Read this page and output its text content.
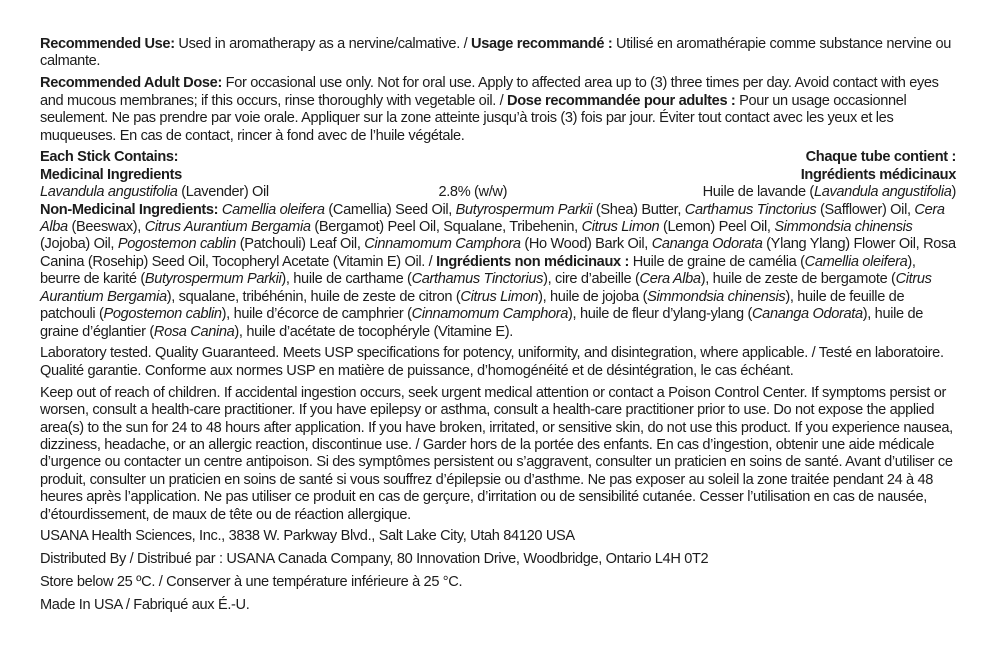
Recommended Use: Used in aromatherapy as a nervine/calmative. / Usage recommandé : Utilisé en aromathérapie comme substance nervine ou calmante.

Recommended Adult Dose: For occasional use only. Not for oral use. Apply to affected area up to (3) three times per day. Avoid contact with eyes and mucous membranes; if this occurs, rinse thoroughly with vegetable oil. / Dose recommandée pour adultes : Pour un usage occasionnel seulement. Ne pas prendre par voie orale. Appliquer sur la zone atteinte jusqu’à trois (3) fois par jour. Éviter tout contact avec les yeux et les muqueuses. En cas de contact, rincer à fond avec de l’huile végétale.

Each Stick Contains:	Chaque tube contient :
Medicinal Ingredients	Ingrédients médicinaux
Lavandula angustifolia (Lavender) Oil	2.8% (w/w)	Huile de lavande (Lavandula angustifolia)

Non-Medicinal Ingredients: Camellia oleifera (Camellia) Seed Oil, Butyrospermum Parkii (Shea) Butter, Carthamus Tinctorius (Safflower) Oil, Cera Alba (Beeswax), Citrus Aurantium Bergamia (Bergamot) Peel Oil, Squalane, Tribehenin, Citrus Limon (Lemon) Peel Oil, Simmondsia chinensis (Jojoba) Oil, Pogostemon cablin (Patchouli) Leaf Oil, Cinnamomum Camphora (Ho Wood) Bark Oil, Cananga Odorata (Ylang Ylang) Flower Oil, Rosa Canina (Rosehip) Seed Oil, Tocopheryl Acetate (Vitamin E) Oil. / Ingrédients non médicinaux : Huile de graine de camélia (Camellia oleifera), beurre de karité (Butyrospermum Parkii), huile de carthame (Carthamus Tinctorius), cire d’abeille (Cera Alba), huile de zeste de bergamote (Citrus Aurantium Bergamia), squalane, tribéhénin, huile de zeste de citron (Citrus Limon), huile de jojoba (Simmondsia chinensis), huile de feuille de patchouli (Pogostemon cablin), huile d’écorce de camphrier (Cinnamomum Camphora), huile de fleur d’ylang-ylang (Cananga Odorata), huile de graine d’églantier (Rosa Canina), huile d’acétate de tocophéryle (Vitamine E).

Laboratory tested. Quality Guaranteed. Meets USP specifications for potency, uniformity, and disintegration, where applicable. / Testé en laboratoire. Qualité garantie. Conforme aux normes USP en matière de puissance, d’homogénéité et de désintégration, le cas échéant.

Keep out of reach of children. If accidental ingestion occurs, seek urgent medical attention or contact a Poison Control Center. If symptoms persist or worsen, consult a health-care practitioner. If you have epilepsy or asthma, consult a health-care practitioner prior to use. Do not expose the applied area(s) to the sun for 24 to 48 hours after application. If you have broken, irritated, or sensitive skin, do not use this product. If you experience nausea, dizziness, headache, or an allergic reaction, discontinue use. / Garder hors de la portée des enfants. En cas d’ingestion, obtenir une aide médicale d’urgence ou contacter un centre antipoison. Si des symptômes persistent ou s’aggravent, consulter un praticien en soins de santé. Avant d’utiliser ce produit, consulter un praticien en soins de santé si vous souffrez d’épilepsie ou d’asthme. Ne pas exposer au soleil la zone traitée pendant 24 à 48 heures après l’application. Ne pas utiliser ce produit en cas de gerçure, d’irritation ou de sensibilité cutanée. Cesser l’utilisation en cas de nausée, d’étourdissement, de maux de tête ou de réaction allergique.

USANA Health Sciences, Inc., 3838 W. Parkway Blvd., Salt Lake City, Utah 84120 USA

Distributed By / Distribué par : USANA Canada Company, 80 Innovation Drive, Woodbridge, Ontario L4H 0T2

Store below 25 ºC. / Conserver à une température inférieure à 25 °C.

Made In USA / Fabriqué aux É.-U.
